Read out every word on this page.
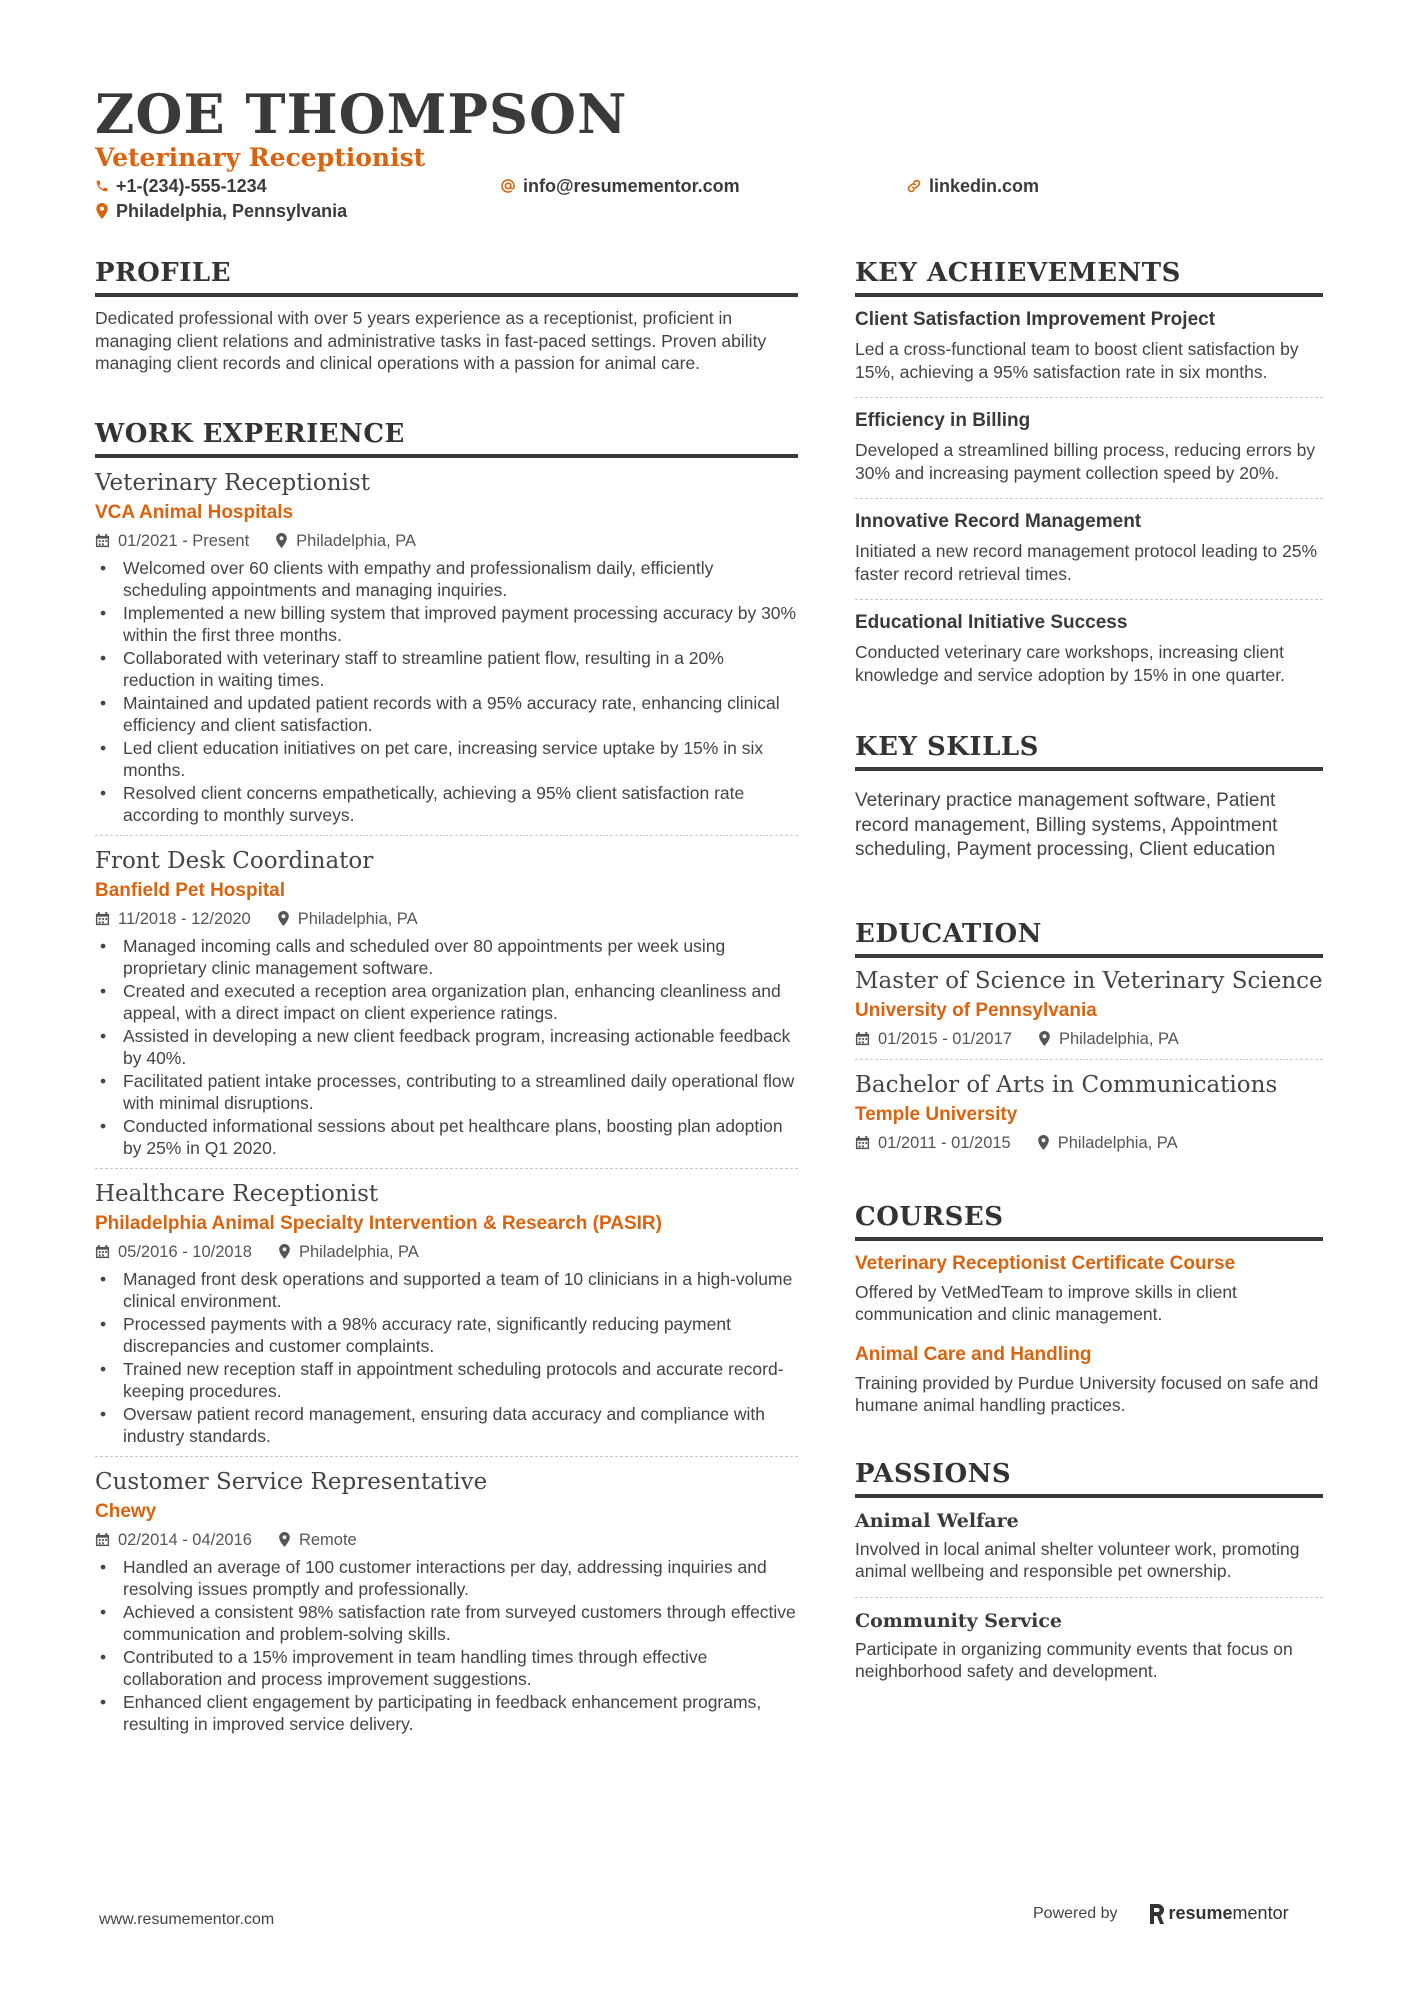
ZOE THOMPSON
Veterinary Receptionist
+1-(234)-555-1234	info@resumementor.com	linkedin.com
Philadelphia, Pennsylvania
PROFILE
Dedicated professional with over 5 years experience as a receptionist, proficient in managing client relations and administrative tasks in fast-paced settings. Proven ability managing client records and clinical operations with a passion for animal care.
WORK EXPERIENCE
Veterinary Receptionist
VCA Animal Hospitals
01/2021 - Present	Philadelphia, PA
• Welcomed over 60 clients with empathy and professionalism daily, efficiently scheduling appointments and managing inquiries.
• Implemented a new billing system that improved payment processing accuracy by 30% within the first three months.
• Collaborated with veterinary staff to streamline patient flow, resulting in a 20% reduction in waiting times.
• Maintained and updated patient records with a 95% accuracy rate, enhancing clinical efficiency and client satisfaction.
• Led client education initiatives on pet care, increasing service uptake by 15% in six months.
• Resolved client concerns empathetically, achieving a 95% client satisfaction rate according to monthly surveys.
Front Desk Coordinator
Banfield Pet Hospital
11/2018 - 12/2020	Philadelphia, PA
• Managed incoming calls and scheduled over 80 appointments per week using proprietary clinic management software.
• Created and executed a reception area organization plan, enhancing cleanliness and appeal, with a direct impact on client experience ratings.
• Assisted in developing a new client feedback program, increasing actionable feedback by 40%.
• Facilitated patient intake processes, contributing to a streamlined daily operational flow with minimal disruptions.
• Conducted informational sessions about pet healthcare plans, boosting plan adoption by 25% in Q1 2020.
Healthcare Receptionist
Philadelphia Animal Specialty Intervention & Research (PASIR)
05/2016 - 10/2018	Philadelphia, PA
• Managed front desk operations and supported a team of 10 clinicians in a high-volume clinical environment.
• Processed payments with a 98% accuracy rate, significantly reducing payment discrepancies and customer complaints.
• Trained new reception staff in appointment scheduling protocols and accurate record-keeping procedures.
• Oversaw patient record management, ensuring data accuracy and compliance with industry standards.
Customer Service Representative
Chewy
02/2014 - 04/2016	Remote
• Handled an average of 100 customer interactions per day, addressing inquiries and resolving issues promptly and professionally.
• Achieved a consistent 98% satisfaction rate from surveyed customers through effective communication and problem-solving skills.
• Contributed to a 15% improvement in team handling times through effective collaboration and process improvement suggestions.
• Enhanced client engagement by participating in feedback enhancement programs, resulting in improved service delivery.
KEY ACHIEVEMENTS
Client Satisfaction Improvement Project
Led a cross-functional team to boost client satisfaction by 15%, achieving a 95% satisfaction rate in six months.
Efficiency in Billing
Developed a streamlined billing process, reducing errors by 30% and increasing payment collection speed by 20%.
Innovative Record Management
Initiated a new record management protocol leading to 25% faster record retrieval times.
Educational Initiative Success
Conducted veterinary care workshops, increasing client knowledge and service adoption by 15% in one quarter.
KEY SKILLS
Veterinary practice management software, Patient record management, Billing systems, Appointment scheduling, Payment processing, Client education
EDUCATION
Master of Science in Veterinary Science
University of Pennsylvania
01/2015 - 01/2017	Philadelphia, PA
Bachelor of Arts in Communications
Temple University
01/2011 - 01/2015	Philadelphia, PA
COURSES
Veterinary Receptionist Certificate Course
Offered by VetMedTeam to improve skills in client communication and clinic management.
Animal Care and Handling
Training provided by Purdue University focused on safe and humane animal handling practices.
PASSIONS
Animal Welfare
Involved in local animal shelter volunteer work, promoting animal wellbeing and responsible pet ownership.
Community Service
Participate in organizing community events that focus on neighborhood safety and development.
www.resumementor.com	Powered by	resumementor
